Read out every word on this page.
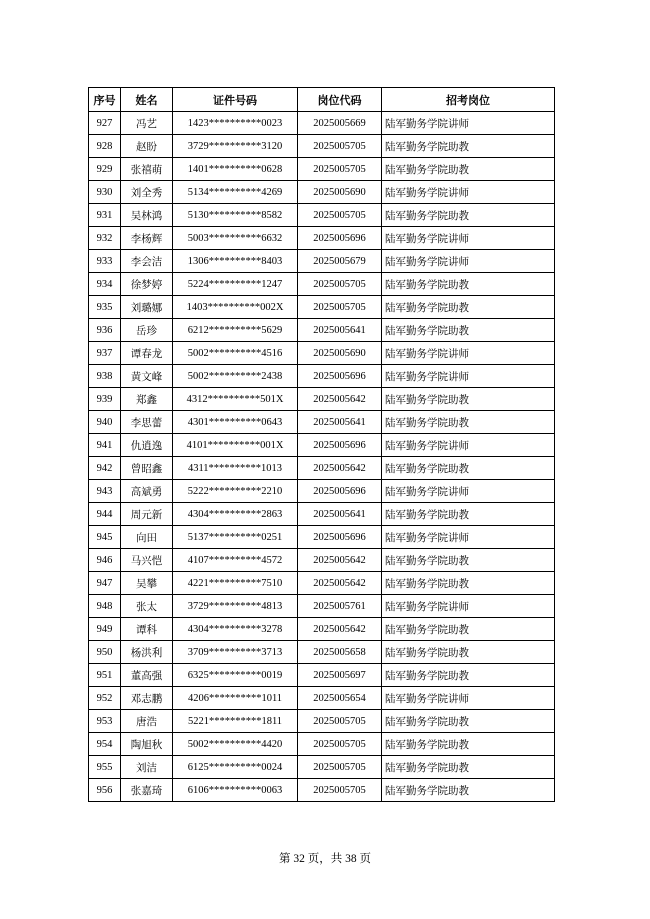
序号	姓名	证件号码	岗位代码	招考岗位
927	冯艺	1423**********0023	2025005669	陆军勤务学院讲师
928	赵盼	3729**********3120	2025005705	陆军勤务学院助教
929	张禧萌	1401**********0628	2025005705	陆军勤务学院助教
930	刘全秀	5134**********4269	2025005690	陆军勤务学院讲师
931	吴林鸿	5130**********8582	2025005705	陆军勤务学院助教
932	李杨辉	5003**********6632	2025005696	陆军勤务学院讲师
933	李会洁	1306**********8403	2025005679	陆军勤务学院讲师
934	徐梦婷	5224**********1247	2025005705	陆军勤务学院助教
935	刘璐娜	1403**********002X	2025005705	陆军勤务学院助教
936	岳珍	6212**********5629	2025005641	陆军勤务学院助教
937	谭春龙	5002**********4516	2025005690	陆军勤务学院讲师
938	黄文峰	5002**********2438	2025005696	陆军勤务学院讲师
939	郑鑫	4312**********501X	2025005642	陆军勤务学院助教
940	李思蕾	4301**********0643	2025005641	陆军勤务学院助教
941	仇逍逸	4101**********001X	2025005696	陆军勤务学院讲师
942	曾昭鑫	4311**********1013	2025005642	陆军勤务学院助教
943	高斌勇	5222**********2210	2025005696	陆军勤务学院讲师
944	周元新	4304**********2863	2025005641	陆军勤务学院助教
945	向田	5137**********0251	2025005696	陆军勤务学院讲师
946	马兴恺	4107**********4572	2025005642	陆军勤务学院助教
947	吴攀	4221**********7510	2025005642	陆军勤务学院助教
948	张太	3729**********4813	2025005761	陆军勤务学院讲师
949	谭科	4304**********3278	2025005642	陆军勤务学院助教
950	杨洪利	3709**********3713	2025005658	陆军勤务学院助教
951	董高强	6325**********0019	2025005697	陆军勤务学院助教
952	邓志鹏	4206**********1011	2025005654	陆军勤务学院讲师
953	唐浩	5221**********1811	2025005705	陆军勤务学院助教
954	陶旭秋	5002**********4420	2025005705	陆军勤务学院助教
955	刘洁	6125**********0024	2025005705	陆军勤务学院助教
956	张嘉琦	6106**********0063	2025005705	陆军勤务学院助教
第 32 页，共 38 页
